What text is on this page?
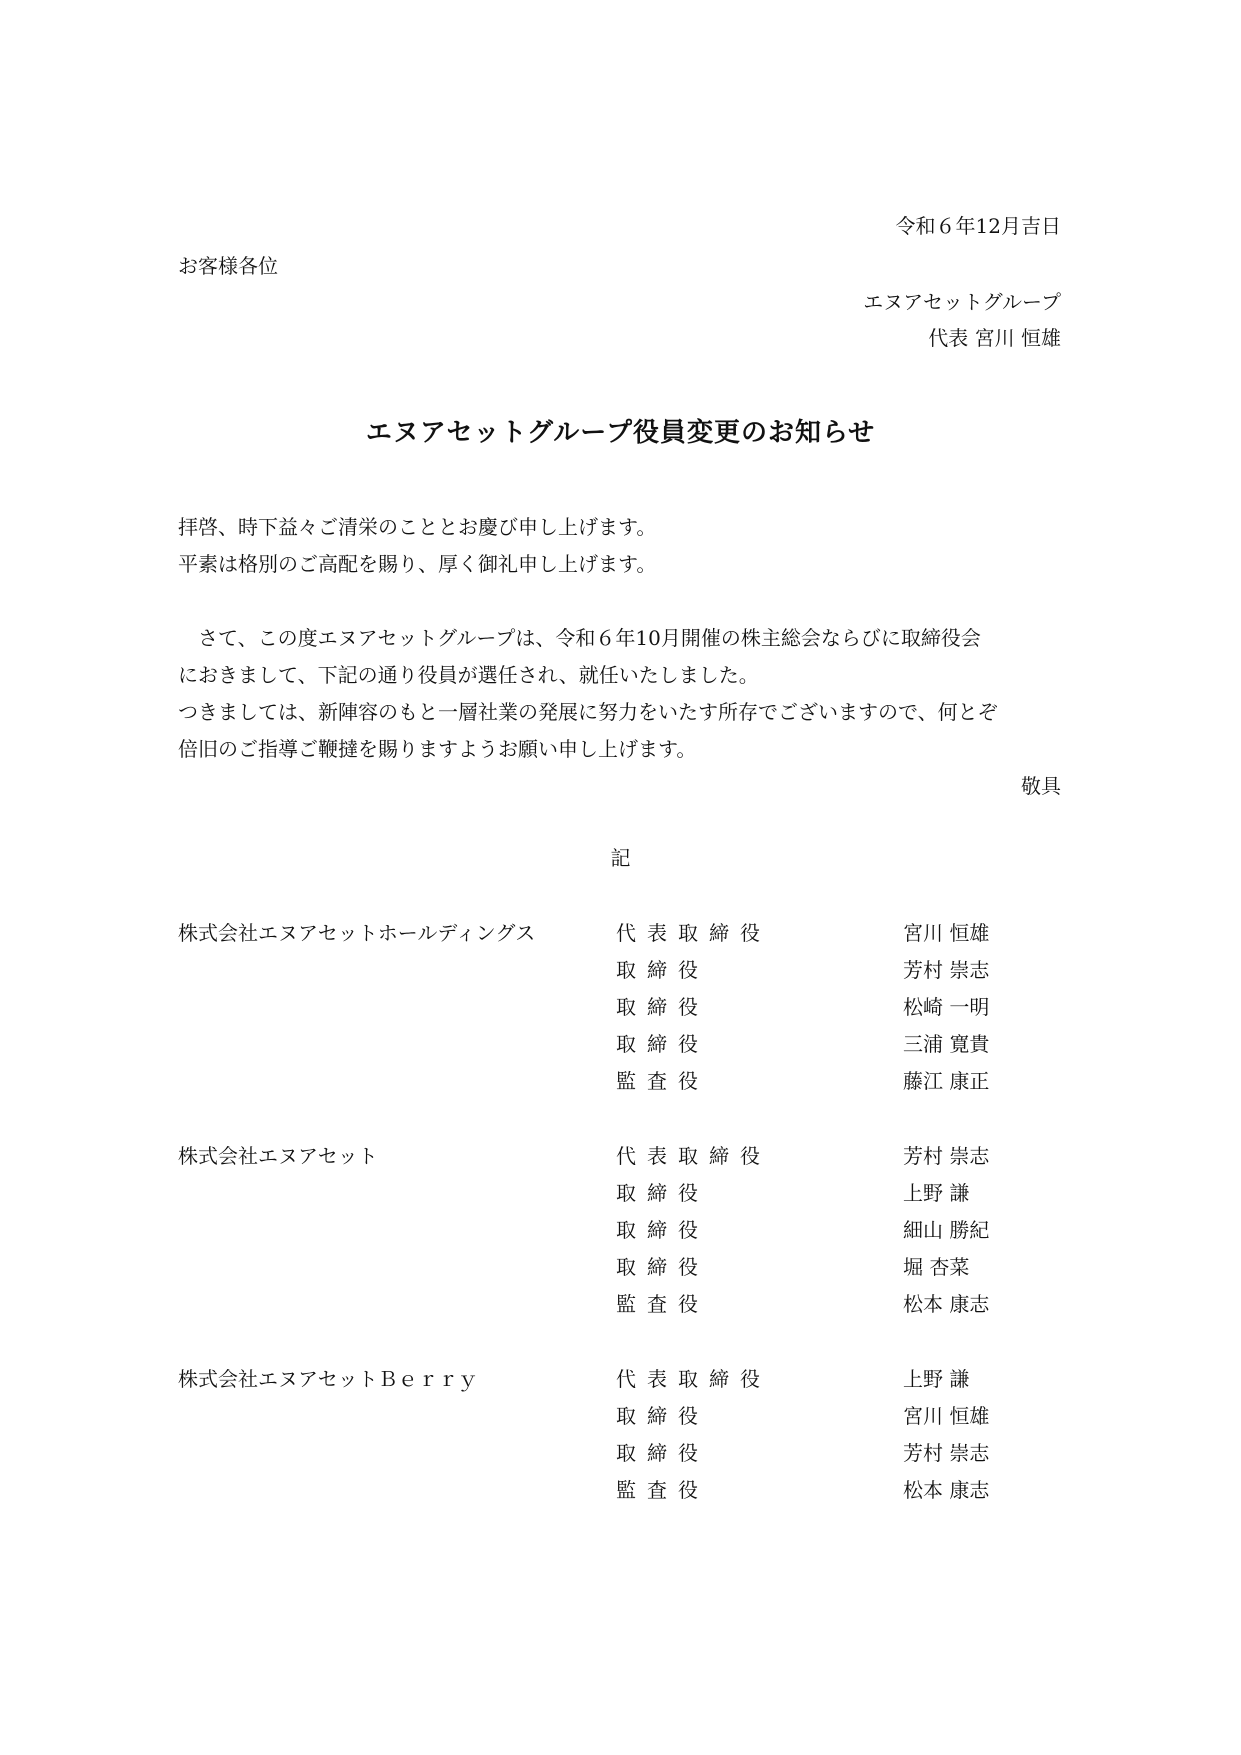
令和６年12月吉日
お客様各位
エヌアセットグループ
代表 宮川 恒雄
エヌアセットグループ役員変更のお知らせ
拝啓、時下益々ご清栄のこととお慶び申し上げます。
平素は格別のご高配を賜り、厚く御礼申し上げます。
　さて、この度エヌアセットグループは、令和６年10月開催の株主総会ならびに取締役会
におきまして、下記の通り役員が選任され、就任いたしました。
つきましては、新陣容のもと一層社業の発展に努力をいたす所存でございますので、何とぞ
倍旧のご指導ご鞭撻を賜りますようお願い申し上げます。
敬具
記
株式会社エヌアセットホールディングス	代表取締役	宮川 恒雄
取締役	芳村 崇志
取締役	松崎 一明
取締役	三浦 寛貴
監査役	藤江 康正
株式会社エヌアセット	代表取締役	芳村 崇志
取締役	上野 謙
取締役	細山 勝紀
取締役	堀 杏菜
監査役	松本 康志
株式会社エヌアセットＢｅｒｒｙ	代表取締役	上野 謙
取締役	宮川 恒雄
取締役	芳村 崇志
監査役	松本 康志
